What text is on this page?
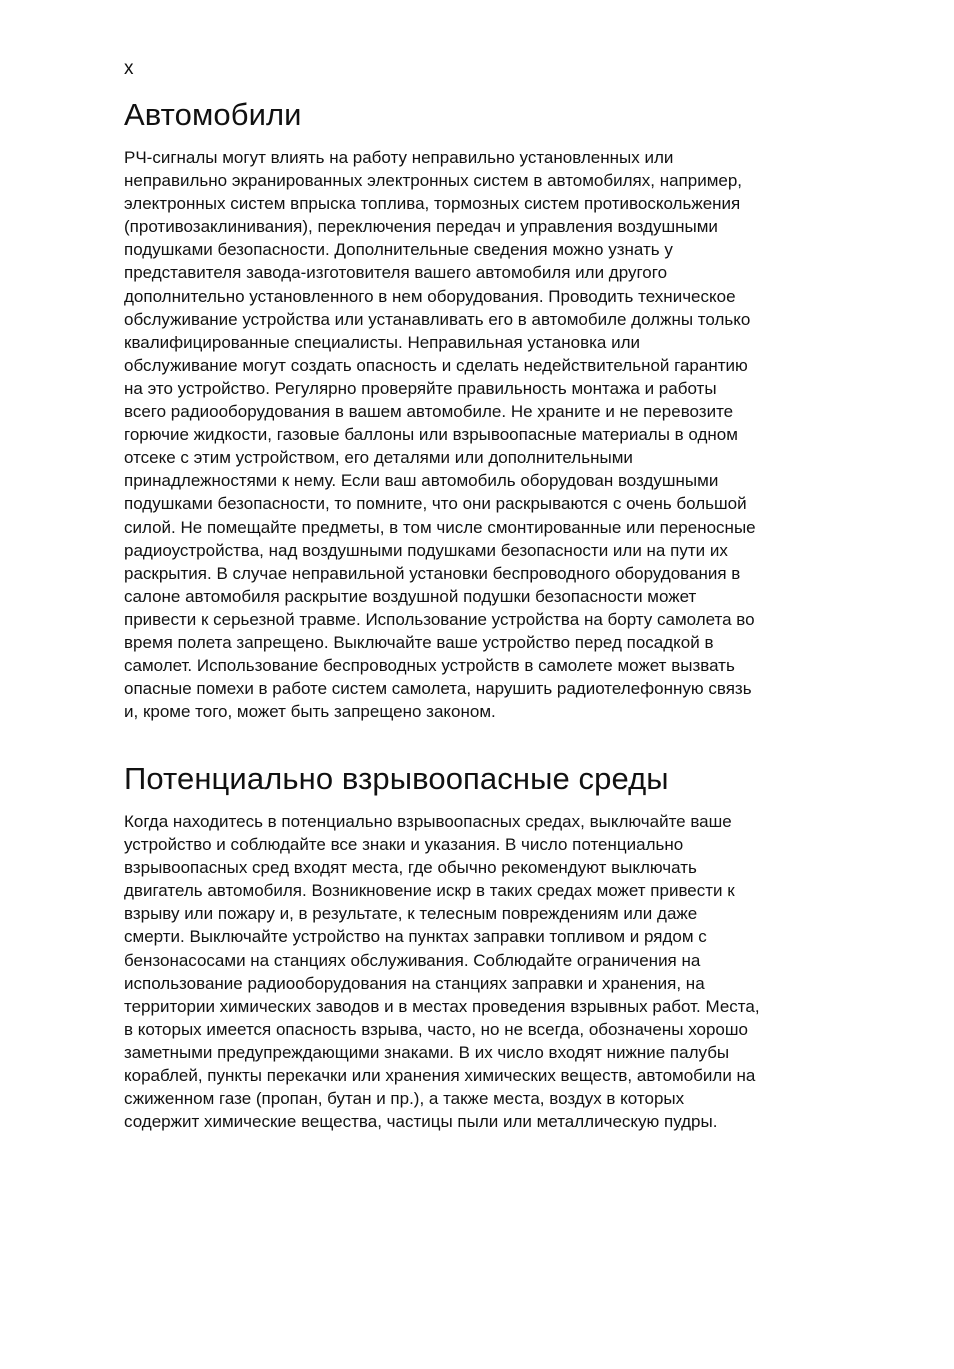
x
Автомобили

РЧ-сигналы могут влиять на работу неправильно установленных или
неправильно экранированных электронных систем в автомобилях, например,
электронных систем впрыска топлива, тормозных систем противоскольжения
(противозаклинивания), переключения передач и управления воздушными
подушками безопасности. Дополнительные сведения можно узнать у
представителя завода-изготовителя вашего автомобиля или другого
дополнительно установленного в нем оборудования. Проводить техническое
обслуживание устройства или устанавливать его в автомобиле должны только
квалифицированные специалисты. Неправильная установка или
обслуживание могут создать опасность и сделать недействительной гарантию
на это устройство. Регулярно проверяйте правильность монтажа и работы
всего радиооборудования в вашем автомобиле. Не храните и не перевозите
горючие жидкости, газовые баллоны или взрывоопасные материалы в одном
отсеке с этим устройством, его деталями или дополнительными
принадлежностями к нему. Если ваш автомобиль оборудован воздушными
подушками безопасности, то помните, что они раскрываются с очень большой
силой. Не помещайте предметы, в том числе смонтированные или переносные
радиоустройства, над воздушными подушками безопасности или на пути их
раскрытия. В случае неправильной установки беспроводного оборудования в
салоне автомобиля раскрытие воздушной подушки безопасности может
привести к серьезной травме. Использование устройства на борту самолета во
время полета запрещено. Выключайте ваше устройство перед посадкой в
самолет. Использование беспроводных устройств в самолете может вызвать
опасные помехи в работе систем самолета, нарушить радиотелефонную связь
и, кроме того, может быть запрещено законом.

Потенциально взрывоопасные среды

Когда находитесь в потенциально взрывоопасных средах, выключайте ваше
устройство и соблюдайте все знаки и указания. В число потенциально
взрывоопасных сред входят места, где обычно рекомендуют выключать
двигатель автомобиля. Возникновение искр в таких средах может привести к
взрыву или пожару и, в результате, к телесным повреждениям или даже
смерти. Выключайте устройство на пунктах заправки топливом и рядом с
бензонасосами на станциях обслуживания. Соблюдайте ограничения на
использование радиооборудования на станциях заправки и хранения, на
территории химических заводов и в местах проведения взрывных работ. Места,
в которых имеется опасность взрыва, часто, но не всегда, обозначены хорошо
заметными предупреждающими знаками. В их число входят нижние палубы
кораблей, пункты перекачки или хранения химических веществ, автомобили на
сжиженном газе (пропан, бутан и пр.), а также места, воздух в которых
содержит химические вещества, частицы пыли или металлическую пудры.
